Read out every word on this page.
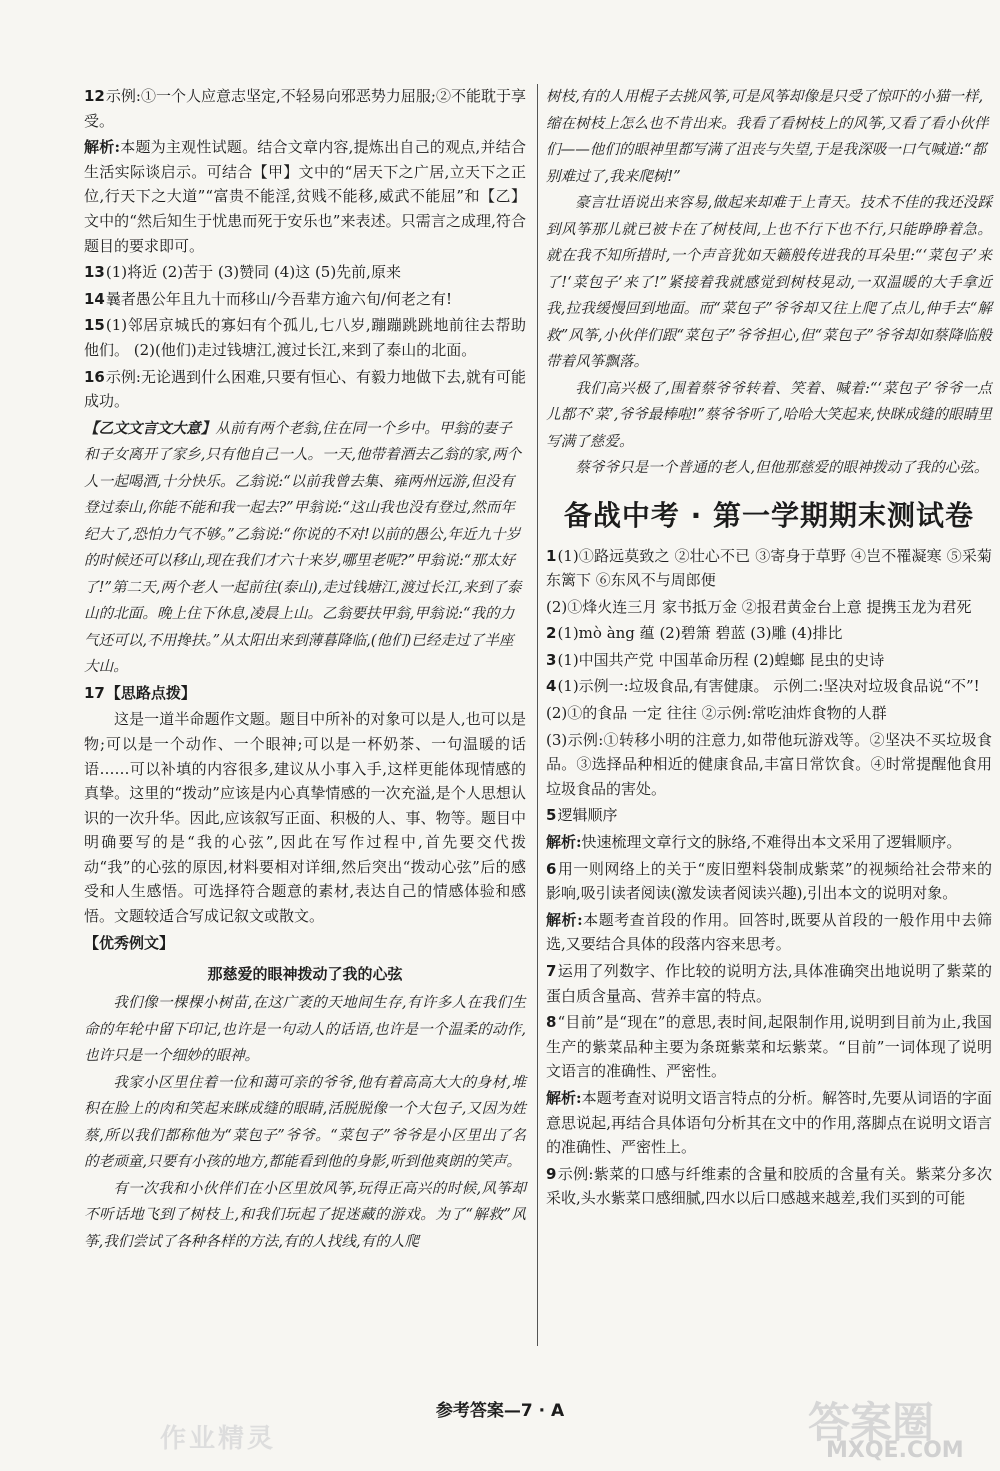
12示例:①一个人应意志坚定,不轻易向邪恶势力屈服;②不能耽于享受。

解析:本题为主观性试题。结合文章内容,提炼出自己的观点,并结合生活实际谈启示。可结合【甲】文中的“居天下之广居,立天下之正位,行天下之大道”“富贵不能淫,贫贱不能移,威武不能屈”和【乙】文中的“然后知生于忧患而死于安乐也”来表述。只需言之成理,符合题目的要求即可。

13(1)将近 (2)苦于 (3)赞同 (4)这 (5)先前,原来

14曩者愚公年且九十而移山/今吾辈方逾六旬/何老之有!

15(1)邻居京城氏的寡妇有个孤儿,七八岁,蹦蹦跳跳地前往去帮助他们。 (2)(他们)走过钱塘江,渡过长江,来到了泰山的北面。

16示例:无论遇到什么困难,只要有恒心、有毅力地做下去,就有可能成功。

【乙文文言文大意】从前有两个老翁,住在同一个乡中。甲翁的妻子和子女离开了家乡,只有他自己一人。一天,他带着酒去乙翁的家,两个人一起喝酒,十分快乐。乙翁说:“以前我曾去集、雍两州远游,但没有登过泰山,你能不能和我一起去?”甲翁说:“这山我也没有登过,然而年纪大了,恐怕力气不够。”乙翁说:“你说的不对!以前的愚公,年近九十岁的时候还可以移山,现在我们才六十来岁,哪里老呢?”甲翁说:“那太好了!”第二天,两个老人一起前往(泰山),走过钱塘江,渡过长江,来到了泰山的北面。晚上住下休息,凌晨上山。乙翁要扶甲翁,甲翁说:“我的力气还可以,不用搀扶。”从太阳出来到薄暮降临,(他们)已经走过了半座大山。

17【思路点拨】

这是一道半命题作文题。题目中所补的对象可以是人,也可以是物;可以是一个动作、一个眼神;可以是一杯奶茶、一句温暖的话语……可以补填的内容很多,建议从小事入手,这样更能体现情感的真挚。这里的“拨动”应该是内心真挚情感的一次充溢,是个人思想认识的一次升华。因此,应该叙写正面、积极的人、事、物等。题目中明确要写的是“我的心弦”,因此在写作过程中,首先要交代拨动“我”的心弦的原因,材料要相对详细,然后突出“拨动心弦”后的感受和人生感悟。可选择符合题意的素材,表达自己的情感体验和感悟。文题较适合写成记叙文或散文。

【优秀例文】

那慈爱的眼神拨动了我的心弦

我们像一棵棵小树苗,在这广袤的天地间生存,有许多人在我们生命的年轮中留下印记,也许是一句动人的话语,也许是一个温柔的动作,也许只是一个细妙的眼神。

我家小区里住着一位和蔼可亲的爷爷,他有着高高大大的身材,堆积在脸上的肉和笑起来眯成缝的眼睛,活脱脱像一个大包子,又因为姓蔡,所以我们都称他为“菜包子”爷爷。“菜包子”爷爷是小区里出了名的老顽童,只要有小孩的地方,都能看到他的身影,听到他爽朗的笑声。

有一次我和小伙伴们在小区里放风筝,玩得正高兴的时候,风筝却不听话地飞到了树枝上,和我们玩起了捉迷藏的游戏。为了“解救”风筝,我们尝试了各种各样的方法,有的人找线,有的人爬

树枝,有的人用棍子去挑风筝,可是风筝却像是只受了惊吓的小猫一样,缩在树枝上怎么也不肯出来。我看了看树枝上的风筝,又看了看小伙伴们——他们的眼神里都写满了沮丧与失望,于是我深吸一口气喊道:“都别难过了,我来爬树!”

豪言壮语说出来容易,做起来却难于上青天。技术不佳的我还没踩到风筝那儿就已被卡在了树枝间,上也不行下也不行,只能睁睁着急。就在我不知所措时,一个声音犹如天籁般传进我的耳朵里:“‘菜包子’来了!‘菜包子’来了!”紧接着我就感觉到树枝晃动,一双温暖的大手拿近我,拉我缓慢回到地面。而“菜包子”爷爷却又往上爬了点儿,伸手去“解救”风筝,小伙伴们跟“菜包子”爷爷担心,但“菜包子”爷爷却如蔡降临般带着风筝飘落。

我们高兴极了,围着蔡爷爷转着、笑着、喊着:“‘菜包子’爷爷一点儿都不‘菜’,爷爷最棒啦!”蔡爷爷听了,哈哈大笑起来,快眯成缝的眼睛里写满了慈爱。

蔡爷爷只是一个普通的老人,但他那慈爱的眼神拨动了我的心弦。

备战中考 · 第一学期期末测试卷

1(1)①路远莫致之 ②壮心不已 ③寄身于草野 ④岂不罹凝寒 ⑤采菊东篱下 ⑥东风不与周郎便

(2)①烽火连三月 家书抵万金 ②报君黄金台上意 提携玉龙为君死

2(1)mò àng 蕴 (2)碧箫 碧蓝 (3)雕 (4)排比

3(1)中国共产党 中国革命历程 (2)蝗螂 昆虫的史诗

4(1)示例一:垃圾食品,有害健康。 示例二:坚决对垃圾食品说“不”!

(2)①的食品 一定 往往 ②示例:常吃油炸食物的人群

(3)示例:①转移小明的注意力,如带他玩游戏等。②坚决不买垃圾食品。③选择品种相近的健康食品,丰富日常饮食。④时常提醒他食用垃圾食品的害处。

5逻辑顺序

解析:快速梳理文章行文的脉络,不难得出本文采用了逻辑顺序。

6用一则网络上的关于“废旧塑料袋制成紫菜”的视频给社会带来的影响,吸引读者阅读(激发读者阅读兴趣),引出本文的说明对象。

解析:本题考查首段的作用。回答时,既要从首段的一般作用中去筛选,又要结合具体的段落内容来思考。

7运用了列数字、作比较的说明方法,具体准确突出地说明了紫菜的蛋白质含量高、营养丰富的特点。

8“目前”是“现在”的意思,表时间,起限制作用,说明到目前为止,我国生产的紫菜品种主要为条斑紫菜和坛紫菜。“目前”一词体现了说明文语言的准确性、严密性。

解析:本题考查对说明文语言特点的分析。解答时,先要从词语的字面意思说起,再结合具体语句分析其在文中的作用,落脚点在说明文语言的准确性、严密性上。

9示例:紫菜的口感与纤维素的含量和胶质的含量有关。紫菜分多次采收,头水紫菜口感细腻,四水以后口感越来越差,我们买到的可能

参考答案—7 · A
作业精灵	答案圈
MXQE.COM
